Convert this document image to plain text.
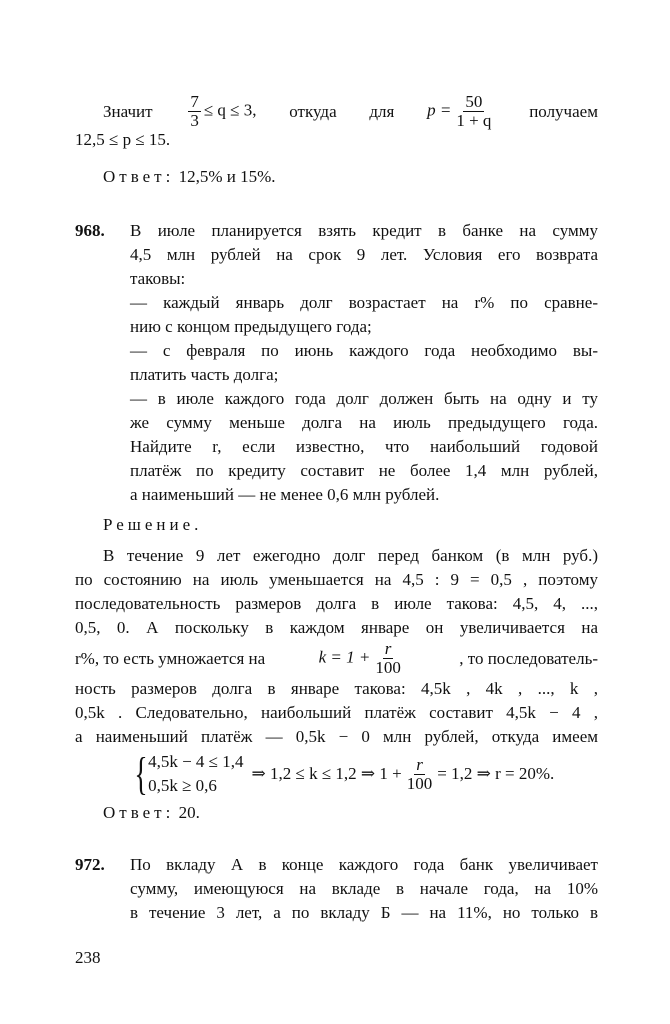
Значит $\frac{7}{3} \le q \le 3$, откуда для $p = \frac{50}{1 + q}$ получаем
12,5 ≤ p ≤ 15.
Ответ: 12,5% и 15%.
968. В июле планируется взять кредит в банке на сумму
4,5 млн рублей на срок 9 лет. Условия его возврата
таковы:
— каждый январь долг возрастает на r% по сравне-
нию с концом предыдущего года;
— с февраля по июнь каждого года необходимо вы-
платить часть долга;
— в июле каждого года долг должен быть на одну и ту
же сумму меньше долга на июль предыдущего года.
Найдите r, если известно, что наибольший годовой
платёж по кредиту составит не более 1,4 млн рублей,
а наименьший — не менее 0,6 млн рублей.
Решение.
В течение 9 лет ежегодно долг перед банком (в млн руб.)
по состоянию на июль уменьшается на 4,5 : 9 = 0,5 , поэтому
последовательность размеров долга в июле такова: 4,5, 4, ...,
0,5, 0. А поскольку в каждом январе он увеличивается на
r%, то есть умножается на	$k = 1 + \frac{r}{100}$	, то последователь-
ность размеров долга в январе такова: 4,5k , 4k , ..., k ,
0,5k . Следовательно, наибольший платёж составит 4,5k − 4 ,
а наименьший платёж — 0,5k − 0 млн рублей, откуда имеем
{ 4,5k − 4 ≤ 1,4
0,5k ≥ 0,6
⇒ 1,2 ≤ k ≤ 1,2 ⇒ $1 + \frac{r}{100} = 1,2$ ⇒ r = 20%.
Ответ: 20.
972. По вкладу А в конце каждого года банк увеличивает
сумму, имеющуюся на вкладе в начале года, на 10%
в течение 3 лет, а по вкладу Б — на 11%, но только в
238
